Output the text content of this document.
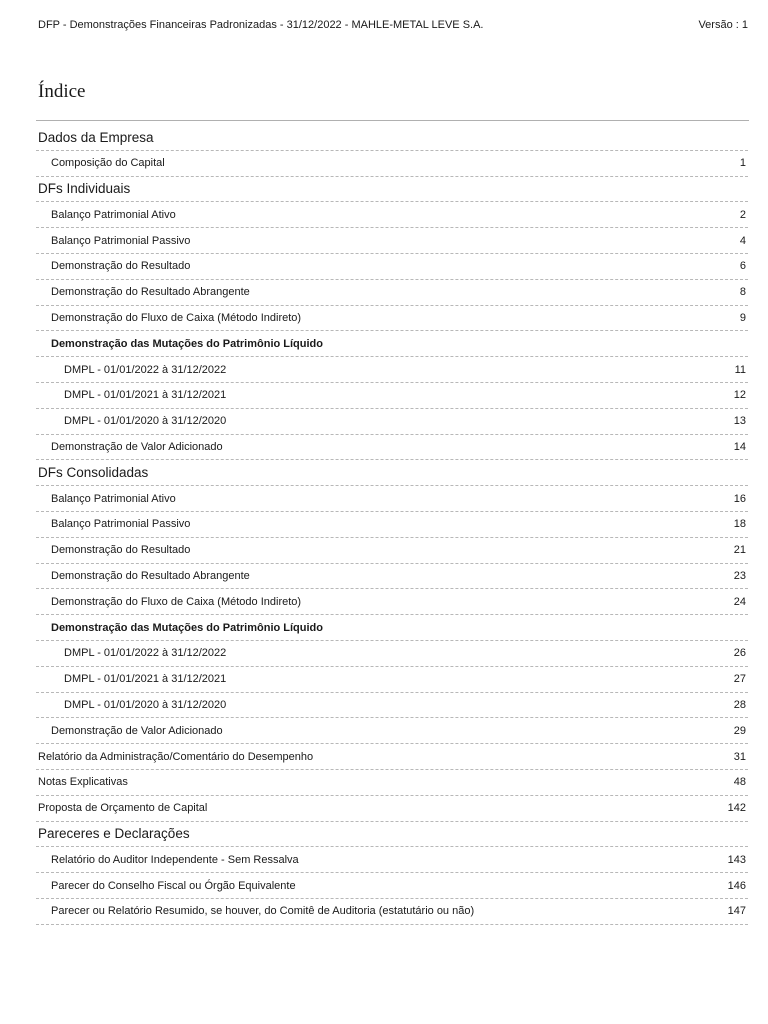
DFP - Demonstrações Financeiras Padronizadas - 31/12/2022 - MAHLE-METAL LEVE S.A.	Versão : 1
Índice
Dados da Empresa
Composição do Capital	1
DFs Individuais
Balanço Patrimonial Ativo	2
Balanço Patrimonial Passivo	4
Demonstração do Resultado	6
Demonstração do Resultado Abrangente	8
Demonstração do Fluxo de Caixa (Método Indireto)	9
Demonstração das Mutações do Patrimônio Líquido
DMPL - 01/01/2022 à 31/12/2022	11
DMPL - 01/01/2021 à 31/12/2021	12
DMPL - 01/01/2020 à 31/12/2020	13
Demonstração de Valor Adicionado	14
DFs Consolidadas
Balanço Patrimonial Ativo	16
Balanço Patrimonial Passivo	18
Demonstração do Resultado	21
Demonstração do Resultado Abrangente	23
Demonstração do Fluxo de Caixa (Método Indireto)	24
Demonstração das Mutações do Patrimônio Líquido
DMPL - 01/01/2022 à 31/12/2022	26
DMPL - 01/01/2021 à 31/12/2021	27
DMPL - 01/01/2020 à 31/12/2020	28
Demonstração de Valor Adicionado	29
Relatório da Administração/Comentário do Desempenho	31
Notas Explicativas	48
Proposta de Orçamento de Capital	142
Pareceres e Declarações
Relatório do Auditor Independente - Sem Ressalva	143
Parecer do Conselho Fiscal ou Órgão Equivalente	146
Parecer ou Relatório Resumido, se houver, do Comitê de Auditoria (estatutário ou não)	147
